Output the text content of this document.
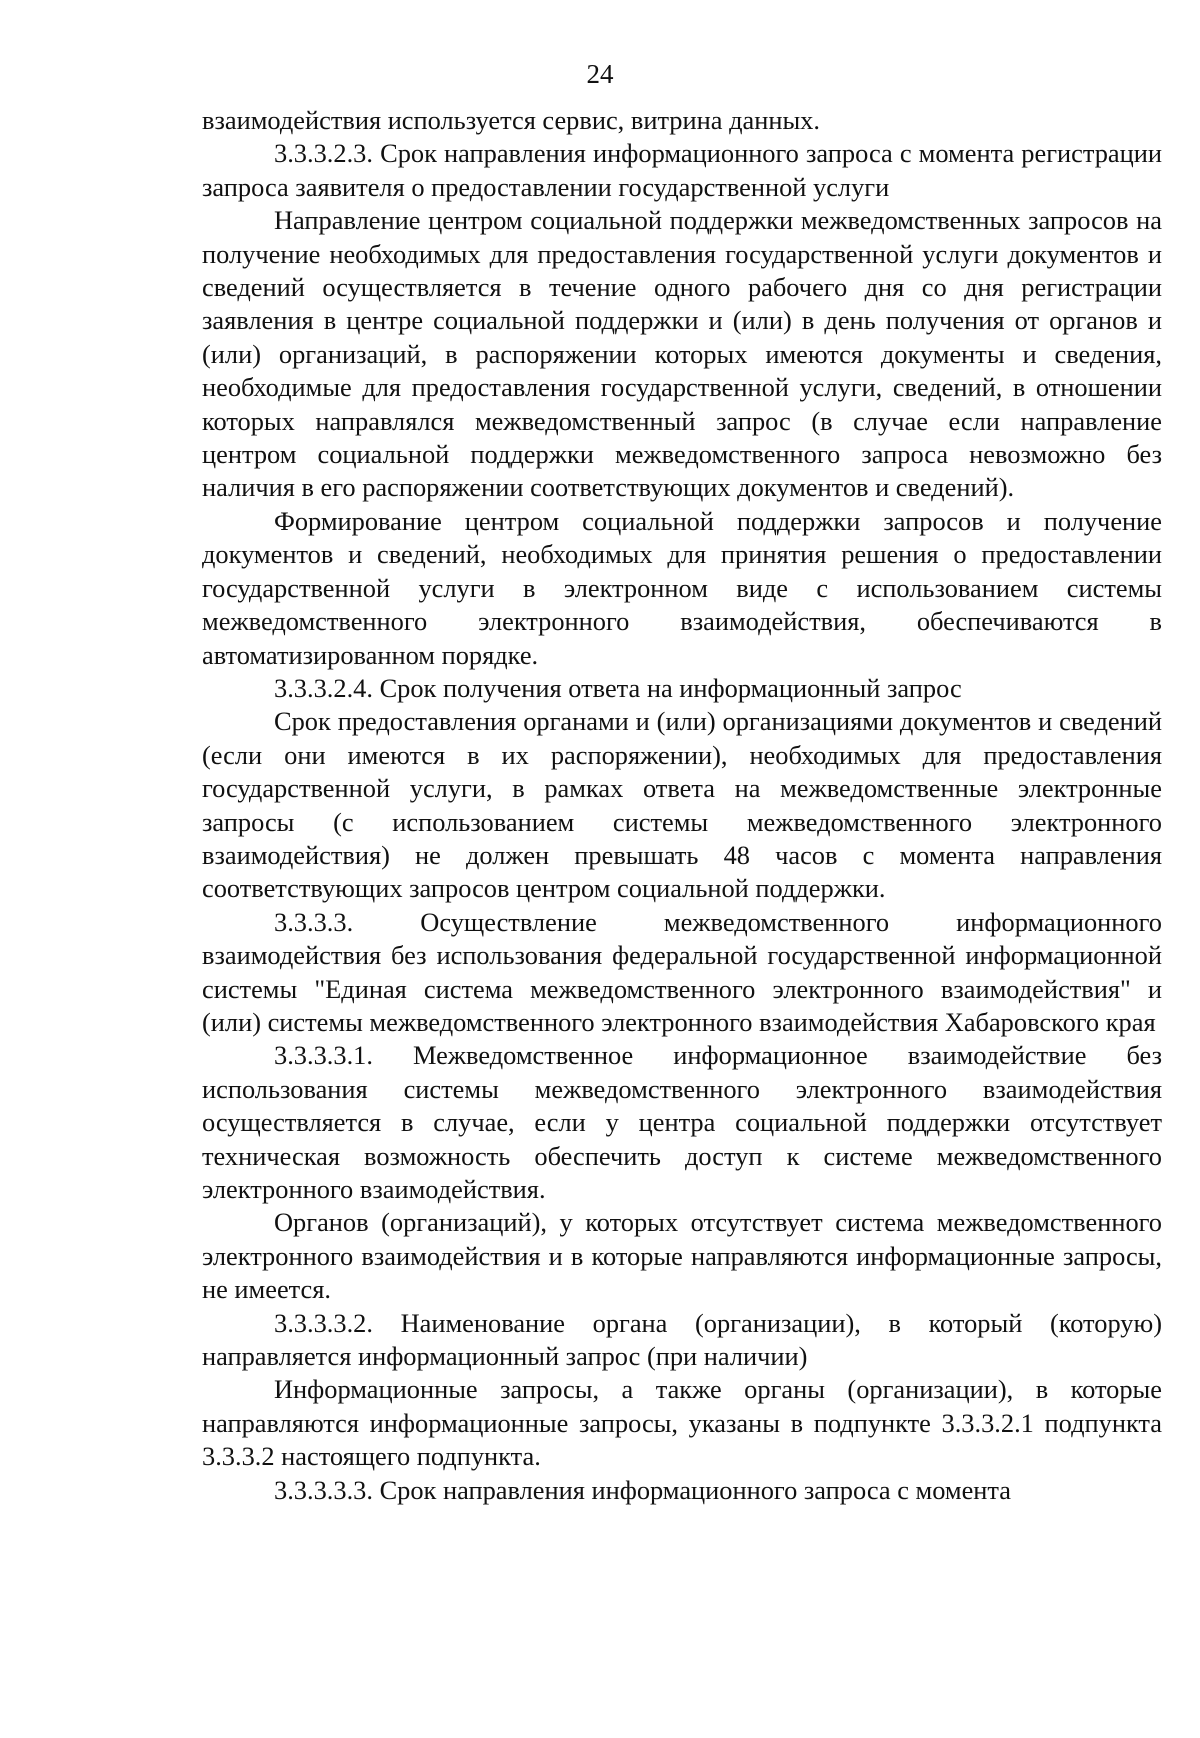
24

взаимодействия используется сервис, витрина данных.

3.3.3.2.3. Срок направления информационного запроса с момента регистрации запроса заявителя о предоставлении государственной услуги

Направление центром социальной поддержки межведомственных запросов на получение необходимых для предоставления государственной услуги документов и сведений осуществляется в течение одного рабочего дня со дня регистрации заявления в центре социальной поддержки и (или) в день получения от органов и (или) организаций, в распоряжении которых имеются документы и сведения, необходимые для предоставления государственной услуги, сведений, в отношении которых направлялся межведомственный запрос (в случае если направление центром социальной поддержки межведомственного запроса невозможно без наличия в его распоряжении соответствующих документов и сведений).

Формирование центром социальной поддержки запросов и получение документов и сведений, необходимых для принятия решения о предоставлении государственной услуги в электронном виде с использованием системы межведомственного электронного взаимодействия, обеспечиваются в автоматизированном порядке.

3.3.3.2.4. Срок получения ответа на информационный запрос

Срок предоставления органами и (или) организациями документов и сведений (если они имеются в их распоряжении), необходимых для предоставления государственной услуги, в рамках ответа на межведомственные электронные запросы (с использованием системы межведомственного электронного взаимодействия) не должен превышать 48 часов с момента направления соответствующих запросов центром социальной поддержки.

3.3.3.3. Осуществление межведомственного информационного взаимодействия без использования федеральной государственной информационной системы "Единая система межведомственного электронного взаимодействия" и (или) системы межведомственного электронного взаимодействия Хабаровского края

3.3.3.3.1. Межведомственное информационное взаимодействие без использования системы межведомственного электронного взаимодействия осуществляется в случае, если у центра социальной поддержки отсутствует техническая возможность обеспечить доступ к системе межведомственного электронного взаимодействия.

Органов (организаций), у которых отсутствует система межведомственного электронного взаимодействия и в которые направляются информационные запросы, не имеется.

3.3.3.3.2. Наименование органа (организации), в который (которую) направляется информационный запрос (при наличии)

Информационные запросы, а также органы (организации), в которые направляются информационные запросы, указаны в подпункте 3.3.3.2.1 подпункта 3.3.3.2 настоящего подпункта.

3.3.3.3.3. Срок направления информационного запроса с момента
